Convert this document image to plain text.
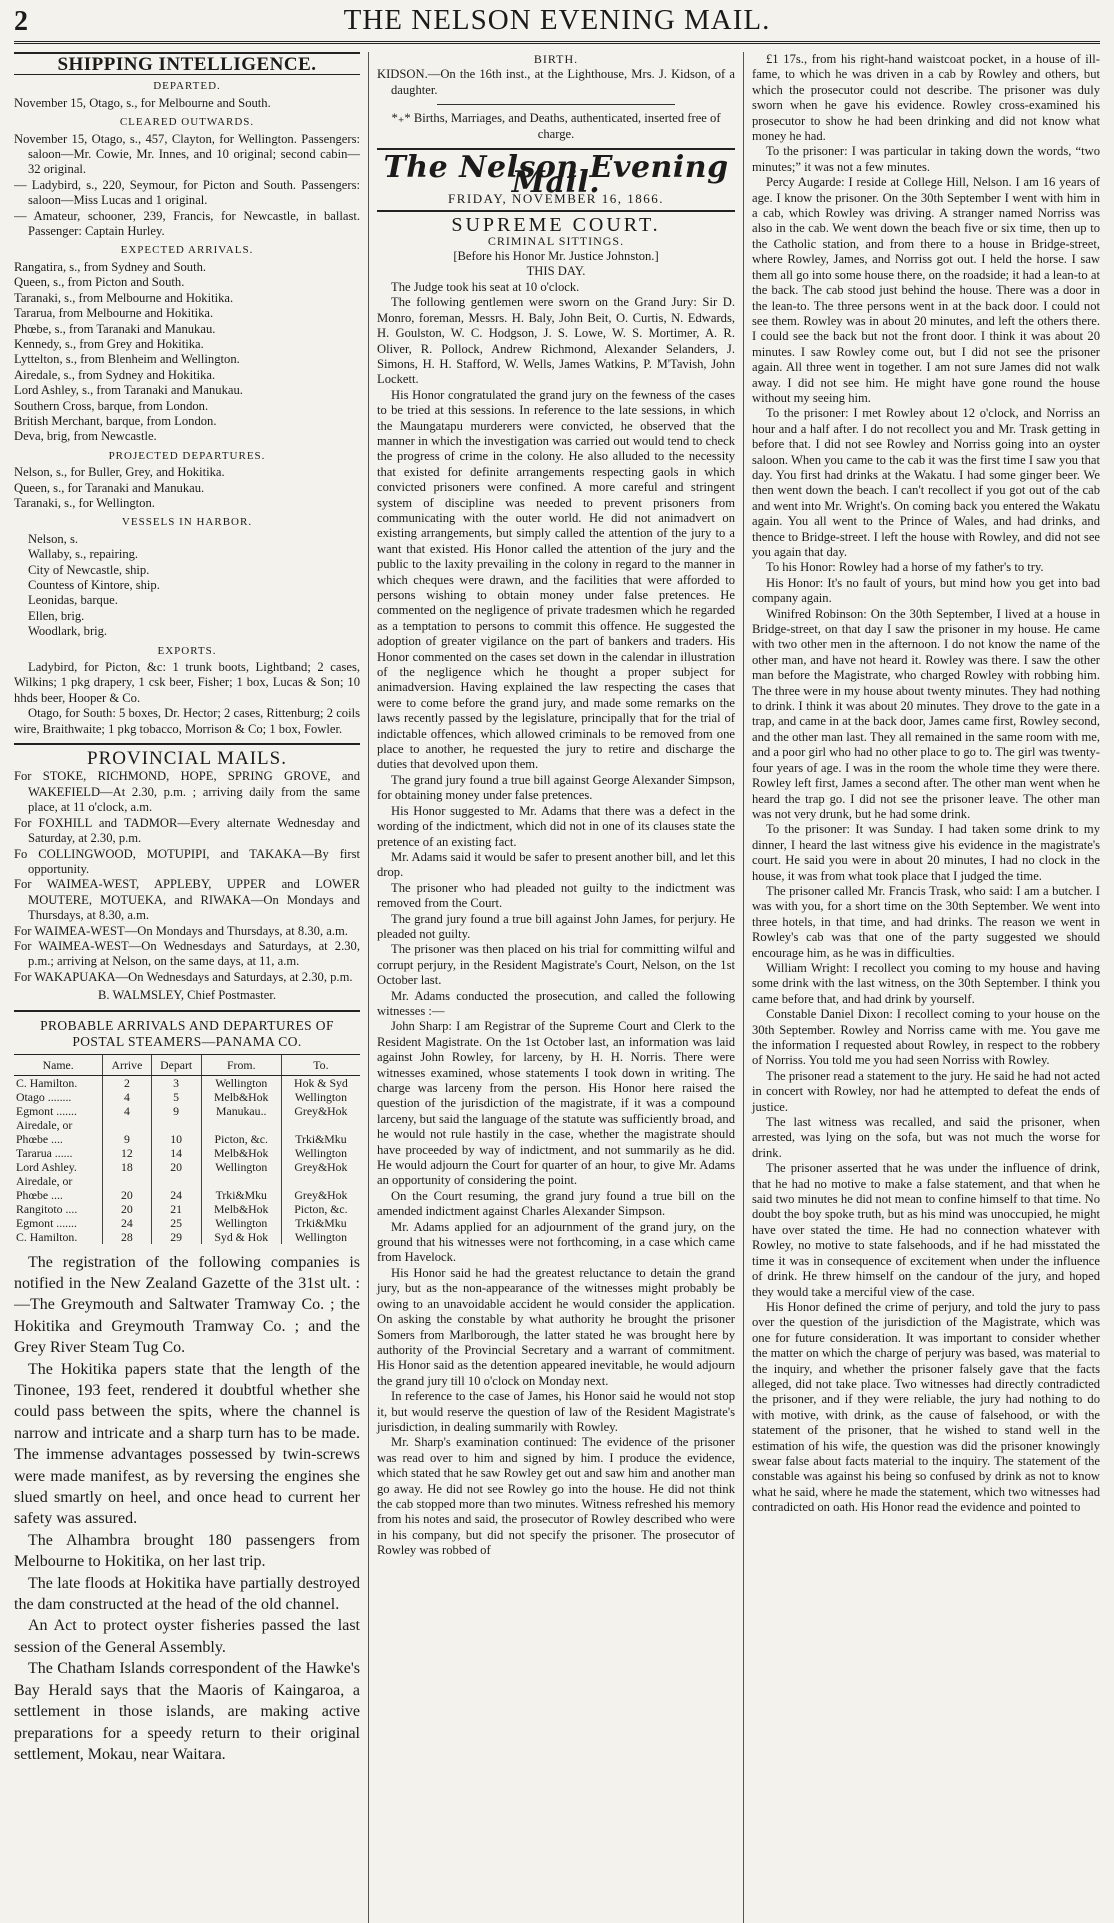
2	THE NELSON EVENING MAIL.
SHIPPING INTELLIGENCE.
DEPARTED.
November 15, Otago, s., for Melbourne and South.
CLEARED OUTWARDS.
November 15, Otago, s., 457, Clayton, for Wellington. Passengers: saloon—Mr. Cowie, Mr. Innes, and 10 original; second cabin—32 original.
— Ladybird, s., 220, Seymour, for Picton and South. Passengers: saloon—Miss Lucas and 1 original.
— Amateur, schooner, 239, Francis, for Newcastle, in ballast. Passenger: Captain Hurley.
EXPECTED ARRIVALS.
Rangatira, s., from Sydney and South.
Queen, s., from Picton and South.
Taranaki, s., from Melbourne and Hokitika.
Tararua, from Melbourne and Hokitika.
Phœbe, s., from Taranaki and Manukau.
Kennedy, s., from Grey and Hokitika.
Lyttelton, s., from Blenheim and Wellington.
Airedale, s., from Sydney and Hokitika.
Lord Ashley, s., from Taranaki and Manukau.
Southern Cross, barque, from London.
British Merchant, barque, from London.
Deva, brig, from Newcastle.
PROJECTED DEPARTURES.
Nelson, s., for Buller, Grey, and Hokitika.
Queen, s., for Taranaki and Manukau.
Taranaki, s., for Wellington.
VESSELS IN HARBOR.
Nelson, s.
Wallaby, s., repairing.
City of Newcastle, ship.
Countess of Kintore, ship.
Leonidas, barque.
Ellen, brig.
Woodlark, brig.
EXPORTS.
Ladybird, for Picton, &c: 1 trunk boots, Lightband; 2 cases, Wilkins; 1 pkg drapery, 1 csk beer, Fisher; 1 box, Lucas & Son; 10 hhds beer, Hooper & Co.
Otago, for South: 5 boxes, Dr. Hector; 2 cases, Rittenburg; 2 coils wire, Braithwaite; 1 pkg tobacco, Morrison & Co; 1 box, Fowler.
PROVINCIAL MAILS.
For STOKE, RICHMOND, HOPE, SPRING GROVE, and WAKEFIELD—At 2.30, p.m. ; arriving daily from the same place, at 11 o'clock, a.m.
For FOXHILL and TADMOR—Every alternate Wednesday and Saturday, at 2.30, p.m.
Fo COLLINGWOOD, MOTUPIPI, and TAKAKA—By first opportunity.
For WAIMEA-WEST, APPLEBY, UPPER and LOWER MOUTERE, MOTUEKA, and RIWAKA—On Mondays and Thursdays, at 8.30, a.m.
For WAIMEA-WEST—On Mondays and Thursdays, at 8.30, a.m.
For WAIMEA-WEST—On Wednesdays and Saturdays, at 2.30, p.m.; arriving at Nelson, on the same days, at 11, a.m.
For WAKAPUAKA—On Wednesdays and Saturdays, at 2.30, p.m.
B. WALMSLEY, Chief Postmaster.
PROBABLE ARRIVALS AND DEPARTURES OF POSTAL STEAMERS—PANAMA CO.
Name.	Arrive	Depart	From.	To.
C. Hamilton.	2	3	Wellington	Hok & Syd
Otago ........	4	5	Melb&Hok	Wellington
Egmont .......	4	9	Manukau..	Grey&Hok
Airedale, or				
Phœbe ....	9	10	Picton, &c.	Trki&Mku
Tararua ......	12	14	Melb&Hok	Wellington
Lord Ashley.	18	20	Wellington	Grey&Hok
Airedale, or				
Phœbe ....	20	24	Trki&Mku	Grey&Hok
Rangitoto ....	20	21	Melb&Hok	Picton, &c.
Egmont .......	24	25	Wellington	Trki&Mku
C. Hamilton.	28	29	Syd & Hok	Wellington

The registration of the following companies is notified in the New Zealand Gazette of the 31st ult. :—The Greymouth and Saltwater Tramway Co. ; the Hokitika and Greymouth Tramway Co. ; and the Grey River Steam Tug Co.

The Hokitika papers state that the length of the Tinonee, 193 feet, rendered it doubtful whether she could pass between the spits, where the channel is narrow and intricate and a sharp turn has to be made. The immense advantages possessed by twin-screws were made manifest, as by reversing the engines she slued smartly on heel, and once head to current her safety was assured.

The Alhambra brought 180 passengers from Melbourne to Hokitika, on her last trip.

The late floods at Hokitika have partially destroyed the dam constructed at the head of the old channel.

An Act to protect oyster fisheries passed the last session of the General Assembly.

The Chatham Islands correspondent of the Hawke's Bay Herald says that the Maoris of Kaingaroa, a settlement in those islands, are making active preparations for a speedy return to their original settlement, Mokau, near Waitara.

BIRTH.
KIDSON.—On the 16th inst., at the Lighthouse, Mrs. J. Kidson, of a daughter.
*₊* Births, Marriages, and Deaths, authenticated, inserted free of charge.
The Nelson Evening Mail.
FRIDAY, NOVEMBER 16, 1866.
SUPREME COURT.
CRIMINAL SITTINGS.
[Before his Honor Mr. Justice Johnston.]
THIS DAY.

The Judge took his seat at 10 o'clock.

The following gentlemen were sworn on the Grand Jury: Sir D. Monro, foreman, Messrs. H. Baly, John Beit, O. Curtis, N. Edwards, H. Goulston, W. C. Hodgson, J. S. Lowe, W. S. Mortimer, A. R. Oliver, R. Pollock, Andrew Richmond, Alexander Selanders, J. Simons, H. H. Stafford, W. Wells, James Watkins, P. M'Tavish, John Lockett.

His Honor congratulated the grand jury on the fewness of the cases to be tried at this sessions. In reference to the late sessions, in which the Maungatapu murderers were convicted, he observed that the manner in which the investigation was carried out would tend to check the progress of crime in the colony. He also alluded to the necessity that existed for definite arrangements respecting gaols in which convicted prisoners were confined. A more careful and stringent system of discipline was needed to prevent prisoners from communicating with the outer world. He did not animadvert on existing arrangements, but simply called the attention of the jury to a want that existed. His Honor called the attention of the jury and the public to the laxity prevailing in the colony in regard to the manner in which cheques were drawn, and the facilities that were afforded to persons wishing to obtain money under false pretences. He commented on the negligence of private tradesmen which he regarded as a temptation to persons to commit this offence. He suggested the adoption of greater vigilance on the part of bankers and traders. His Honor commented on the cases set down in the calendar in illustration of the negligence which he thought a proper subject for animadversion. Having explained the law respecting the cases that were to come before the grand jury, and made some remarks on the laws recently passed by the legislature, principally that for the trial of indictable offences, which allowed criminals to be removed from one place to another, he requested the jury to retire and discharge the duties that devolved upon them.

The grand jury found a true bill against George Alexander Simpson, for obtaining money under false pretences.

His Honor suggested to Mr. Adams that there was a defect in the wording of the indictment, which did not in one of its clauses state the pretence of an existing fact.

Mr. Adams said it would be safer to present another bill, and let this drop.

The prisoner who had pleaded not guilty to the indictment was removed from the Court.

The grand jury found a true bill against John James, for perjury. He pleaded not guilty.

The prisoner was then placed on his trial for committing wilful and corrupt perjury, in the Resident Magistrate's Court, Nelson, on the 1st October last.

Mr. Adams conducted the prosecution, and called the following witnesses :—

John Sharp: I am Registrar of the Supreme Court and Clerk to the Resident Magistrate. On the 1st October last, an information was laid against John Rowley, for larceny, by H. H. Norris. There were witnesses examined, whose statements I took down in writing. The charge was larceny from the person. His Honor here raised the question of the jurisdiction of the magistrate, if it was a compound larceny, but said the language of the statute was sufficiently broad, and he would not rule hastily in the case, whether the magistrate should have proceeded by way of indictment, and not summarily as he did. He would adjourn the Court for quarter of an hour, to give Mr. Adams an opportunity of considering the point.

On the Court resuming, the grand jury found a true bill on the amended indictment against Charles Alexander Simpson.

Mr. Adams applied for an adjournment of the grand jury, on the ground that his witnesses were not forthcoming, in a case which came from Havelock.

His Honor said he had the greatest reluctance to detain the grand jury, but as the non-appearance of the witnesses might probably be owing to an unavoidable accident he would consider the application. On asking the constable by what authority he brought the prisoner Somers from Marlborough, the latter stated he was brought here by authority of the Provincial Secretary and a warrant of commitment. His Honor said as the detention appeared inevitable, he would adjourn the grand jury till 10 o'clock on Monday next.

In reference to the case of James, his Honor said he would not stop it, but would reserve the question of law of the Resident Magistrate's jurisdiction, in dealing summarily with Rowley.

Mr. Sharp's examination continued: The evidence of the prisoner was read over to him and signed by him. I produce the evidence, which stated that he saw Rowley get out and saw him and another man go away. He did not see Rowley go into the house. He did not think the cab stopped more than two minutes. Witness refreshed his memory from his notes and said, the prosecutor of Rowley described who were in his company, but did not specify the prisoner. The prosecutor of Rowley was robbed of

£1 17s., from his right-hand waistcoat pocket, in a house of ill-fame, to which he was driven in a cab by Rowley and others, but which the prosecutor could not describe. The prisoner was duly sworn when he gave his evidence. Rowley cross-examined his prosecutor to show he had been drinking and did not know what money he had.

To the prisoner: I was particular in taking down the words, “two minutes;” it was not a few minutes.

Percy Augarde: I reside at College Hill, Nelson. I am 16 years of age. I know the prisoner. On the 30th September I went with him in a cab, which Rowley was driving. A stranger named Norriss was also in the cab. We went down the beach five or six time, then up to the Catholic station, and from there to a house in Bridge-street, where Rowley, James, and Norriss got out. I held the horse. I saw them all go into some house there, on the roadside; it had a lean-to at the back. The cab stood just behind the house. There was a door in the lean-to. The three persons went in at the back door. I could not see them. Rowley was in about 20 minutes, and left the others there. I could see the back but not the front door. I think it was about 20 minutes. I saw Rowley come out, but I did not see the prisoner again. All three went in together. I am not sure James did not walk away. I did not see him. He might have gone round the house without my seeing him.

To the prisoner: I met Rowley about 12 o'clock, and Norriss an hour and a half after. I do not recollect you and Mr. Trask getting in before that. I did not see Rowley and Norriss going into an oyster saloon. When you came to the cab it was the first time I saw you that day. You first had drinks at the Wakatu. I had some ginger beer. We then went down the beach. I can't recollect if you got out of the cab and went into Mr. Wright's. On coming back you entered the Wakatu again. You all went to the Prince of Wales, and had drinks, and thence to Bridge-street. I left the house with Rowley, and did not see you again that day.

To his Honor: Rowley had a horse of my father's to try.

His Honor: It's no fault of yours, but mind how you get into bad company again.

Winifred Robinson: On the 30th September, I lived at a house in Bridge-street, on that day I saw the prisoner in my house. He came with two other men in the afternoon. I do not know the name of the other man, and have not heard it. Rowley was there. I saw the other man before the Magistrate, who charged Rowley with robbing him. The three were in my house about twenty minutes. They had nothing to drink. I think it was about 20 minutes. They drove to the gate in a trap, and came in at the back door, James came first, Rowley second, and the other man last. They all remained in the same room with me, and a poor girl who had no other place to go to. The girl was twenty-four years of age. I was in the room the whole time they were there. Rowley left first, James a second after. The other man went when he heard the trap go. I did not see the prisoner leave. The other man was not very drunk, but he had some drink.

To the prisoner: It was Sunday. I had taken some drink to my dinner, I heard the last witness give his evidence in the magistrate's court. He said you were in about 20 minutes, I had no clock in the house, it was from what took place that I judged the time.

The prisoner called Mr. Francis Trask, who said: I am a butcher. I was with you, for a short time on the 30th September. We went into three hotels, in that time, and had drinks. The reason we went in Rowley's cab was that one of the party suggested we should encourage him, as he was in difficulties.

William Wright: I recollect you coming to my house and having some drink with the last witness, on the 30th September. I think you came before that, and had drink by yourself.

Constable Daniel Dixon: I recollect coming to your house on the 30th September. Rowley and Norriss came with me. You gave me the information I requested about Rowley, in respect to the robbery of Norriss. You told me you had seen Norriss with Rowley.

The prisoner read a statement to the jury. He said he had not acted in concert with Rowley, nor had he attempted to defeat the ends of justice.

The last witness was recalled, and said the prisoner, when arrested, was lying on the sofa, but was not much the worse for drink.

The prisoner asserted that he was under the influence of drink, that he had no motive to make a false statement, and that when he said two minutes he did not mean to confine himself to that time. No doubt the boy spoke truth, but as his mind was unoccupied, he might have over stated the time. He had no connection whatever with Rowley, no motive to state falsehoods, and if he had misstated the time it was in consequence of excitement when under the influence of drink. He threw himself on the candour of the jury, and hoped they would take a merciful view of the case.

His Honor defined the crime of perjury, and told the jury to pass over the question of the jurisdiction of the Magistrate, which was one for future consideration. It was important to consider whether the matter on which the charge of perjury was based, was material to the inquiry, and whether the prisoner falsely gave that the facts alleged, did not take place. Two witnesses had directly contradicted the prisoner, and if they were reliable, the jury had nothing to do with motive, with drink, as the cause of falsehood, or with the statement of the prisoner, that he wished to stand well in the estimation of his wife, the question was did the prisoner knowingly swear false about facts material to the inquiry. The statement of the constable was against his being so confused by drink as not to know what he said, where he made the statement, which two witnesses had contradicted on oath. His Honor read the evidence and pointed to
